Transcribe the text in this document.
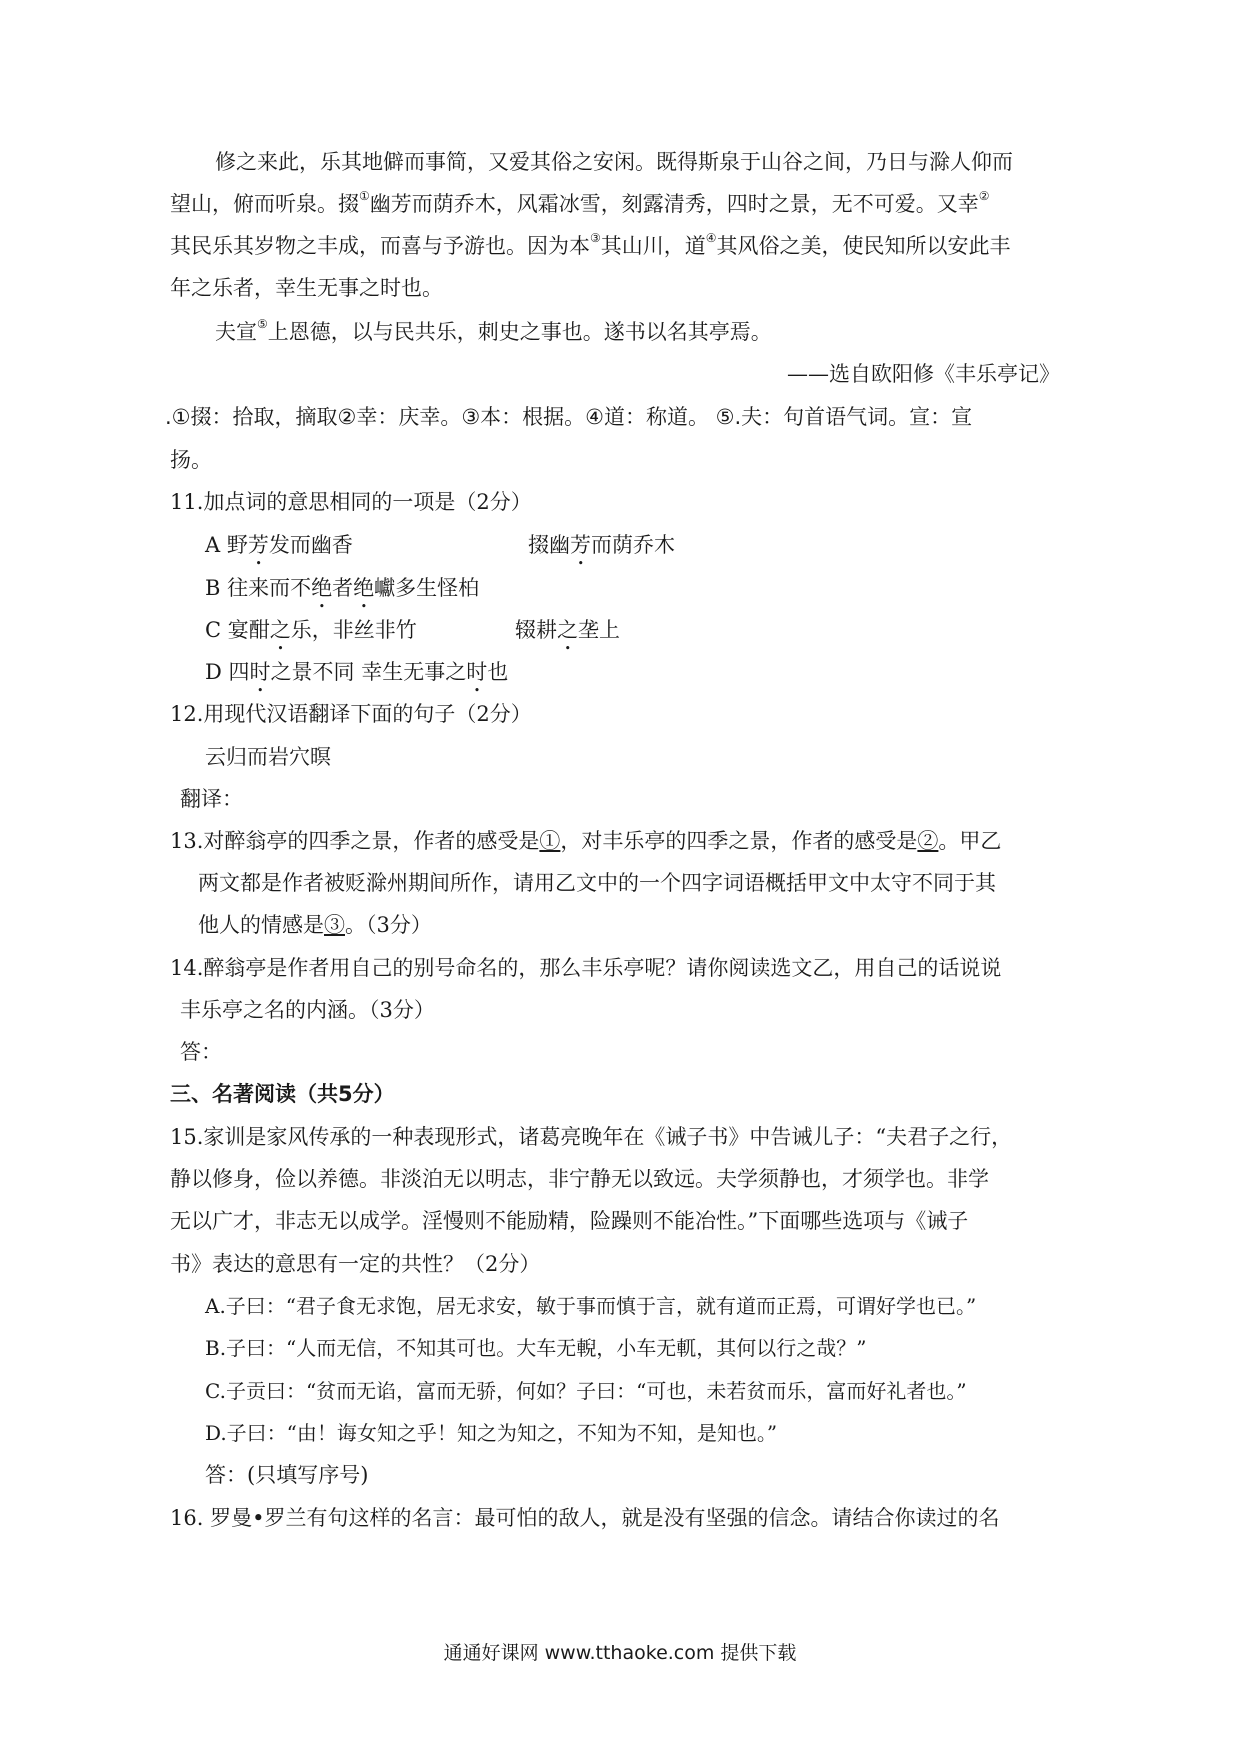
修之来此，乐其地僻而事简，又爱其俗之安闲。既得斯泉于山谷之间，乃日与滁人仰而
望山，俯而听泉。掇①幽芳而荫乔木，风霜冰雪，刻露清秀，四时之景，无不可爱。又幸②
其民乐其岁物之丰成，而喜与予游也。因为本③其山川，道④其风俗之美，使民知所以安此丰
年之乐者，幸生无事之时也。
夫宣⑤上恩德，以与民共乐，刺史之事也。遂书以名其亭焉。
——选自欧阳修《丰乐亭记》
.①掇：拾取，摘取②幸：庆幸。③本：根据。④道：称道。 ⑤.夫：句首语气词。宣：宣
扬。
11.加点词的意思相同的一项是（2分）
A 野芳发而幽香	掇幽芳而荫乔木
B 往来而不绝者绝巘多生怪柏
C 宴酣之乐，非丝非竹	辍耕之垄上
D 四时之景不同 幸生无事之时也
12.用现代汉语翻译下面的句子（2分）
云归而岩穴暝
翻译：
13.对醉翁亭的四季之景，作者的感受是①，对丰乐亭的四季之景，作者的感受是②。甲乙
两文都是作者被贬滁州期间所作，请用乙文中的一个四字词语概括甲文中太守不同于其
他人的情感是③。（3分）
14.醉翁亭是作者用自己的别号命名的，那么丰乐亭呢？请你阅读选文乙，用自己的话说说
丰乐亭之名的内涵。（3分）
答：
三、名著阅读（共5分）
15.家训是家风传承的一种表现形式，诸葛亮晚年在《诫子书》中告诫儿子：“夫君子之行，
静以修身，俭以养德。非淡泊无以明志，非宁静无以致远。夫学须静也，才须学也。非学
无以广才，非志无以成学。淫慢则不能励精，险躁则不能冶性。”下面哪些选项与《诫子
书》表达的意思有一定的共性？（2分）
A.子曰：“君子食无求饱，居无求安，敏于事而慎于言，就有道而正焉，可谓好学也已。”
B.子曰：“人而无信，不知其可也。大车无輗，小车无軏，其何以行之哉？”
C.子贡曰：“贫而无谄，富而无骄，何如？子曰：“可也，未若贫而乐，富而好礼者也。”
D.子曰：“由！诲女知之乎！知之为知之，不知为不知，是知也。”
答：(只填写序号)
16. 罗曼•罗兰有句这样的名言：最可怕的敌人，就是没有坚强的信念。请结合你读过的名
通通好课网 www.tthaoke.com 提供下载
